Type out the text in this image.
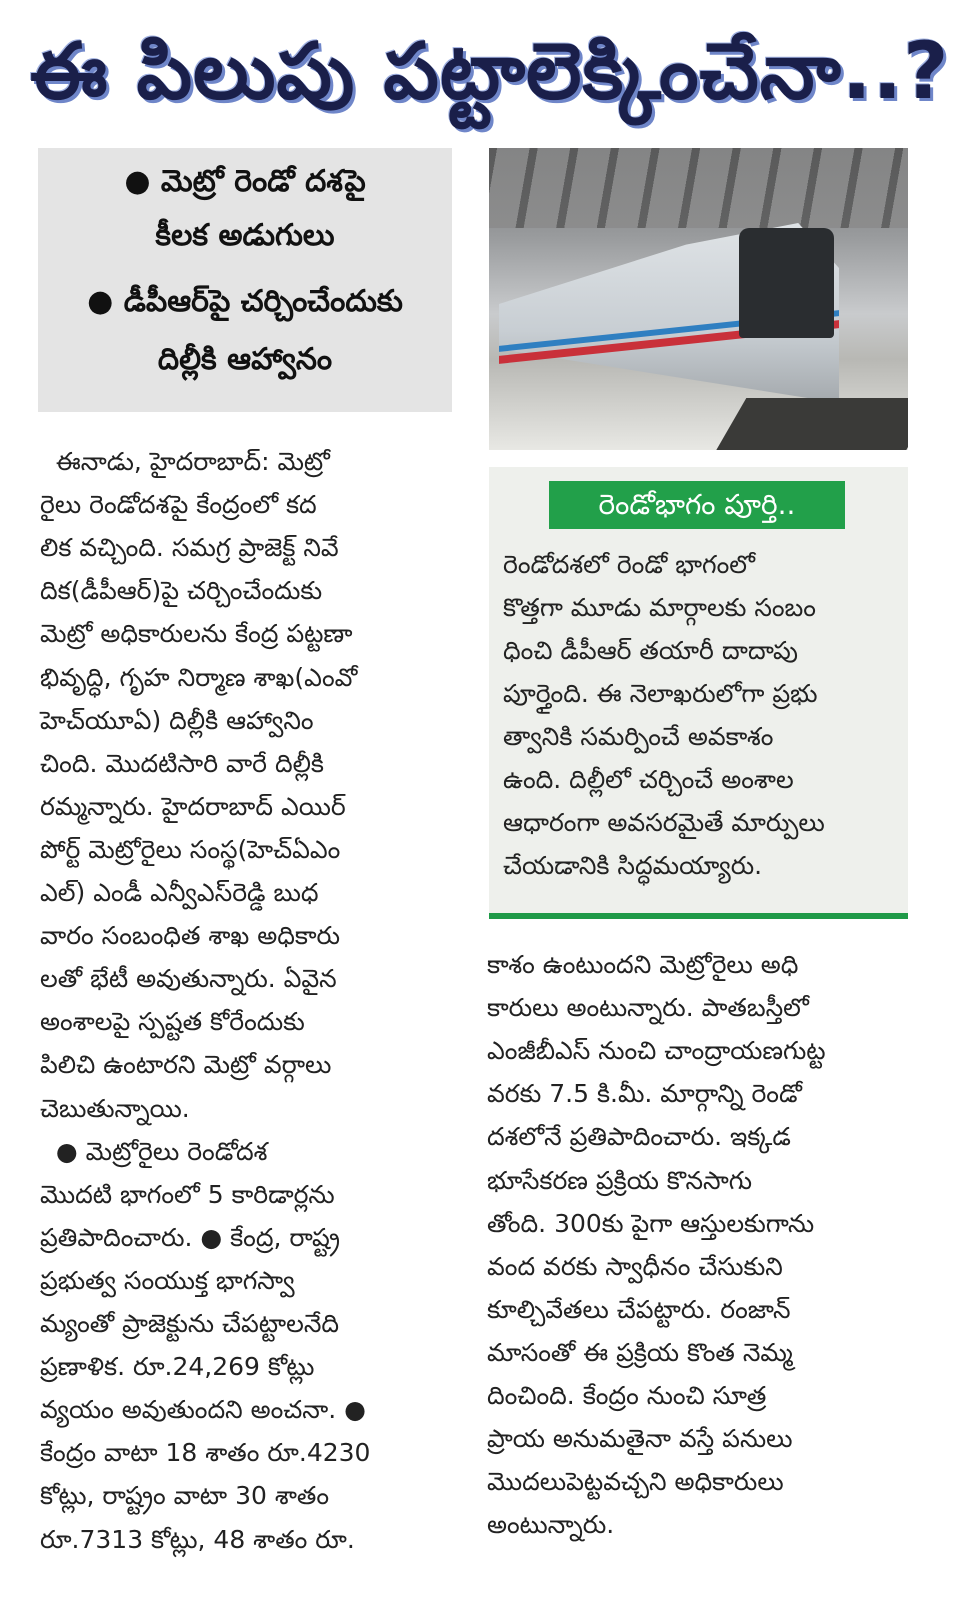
ఈ పిలుపు పట్టాలెక్కించేనా..?
● మెట్రో రెండో దశపై
కీలక అడుగులు
● డీపీఆర్‌పై చర్చించేందుకు
దిల్లీకి ఆహ్వానం
రెండోభాగం పూర్తి..
రెండోదశలో రెండో భాగంలో
కొత్తగా మూడు మార్గాలకు సంబం
ధించి డీపీఆర్ తయారీ దాదాపు
పూర్తైంది. ఈ నెలాఖరులోగా ప్రభు
త్వానికి సమర్పించే అవకాశం
ఉంది. దిల్లీలో చర్చించే అంశాల
ఆధారంగా అవసరమైతే మార్పులు
చేయడానికి సిద్ధమయ్యారు.
ఈనాడు, హైదరాబాద్: మెట్రో
రైలు రెండోదశపై కేంద్రంలో కద
లిక వచ్చింది. సమగ్ర ప్రాజెక్ట్ నివే
దిక(డీపీఆర్)పై చర్చించేందుకు
మెట్రో అధికారులను కేంద్ర పట్టణా
భివృద్ధి, గృహ నిర్మాణ శాఖ(ఎంవో
హెచ్‌యూఏ) దిల్లీకి ఆహ్వానిం
చింది. మొదటిసారి వారే దిల్లీకి
రమ్మన్నారు. హైదరాబాద్ ఎయిర్
పోర్ట్ మెట్రోరైలు సంస్థ(హెచ్ఏఎం
ఎల్) ఎండీ ఎన్వీఎస్‌రెడ్డి బుధ
వారం సంబంధిత శాఖ అధికారు
లతో భేటీ అవుతున్నారు. ఏవైన
అంశాలపై స్పష్టత కోరేందుకు
పిలిచి ఉంటారని మెట్రో వర్గాలు
చెబుతున్నాయి.
● మెట్రోరైలు రెండోదశ
మొదటి భాగంలో 5 కారిడార్లను
ప్రతిపాదించారు. ● కేంద్ర, రాష్ట్ర
ప్రభుత్వ సంయుక్త భాగస్వా
మ్యంతో ప్రాజెక్టును చేపట్టాలనేది
ప్రణాళిక. రూ.24,269 కోట్లు
వ్యయం అవుతుందని అంచనా. ●
కేంద్రం వాటా 18 శాతం రూ.4230
కోట్లు, రాష్ట్రం వాటా 30 శాతం
రూ.7313 కోట్లు, 48 శాతం రూ.
కాశం ఉంటుందని మెట్రోరైలు అధి
కారులు అంటున్నారు. పాతబస్తీలో
ఎంజీబీఎస్ నుంచి చాంద్రాయణగుట్ట
వరకు 7.5 కి.మీ. మార్గాన్ని రెండో
దశలోనే ప్రతిపాదించారు. ఇక్కడ
భూసేకరణ ప్రక్రియ కొనసాగు
తోంది. 300కు పైగా ఆస్తులకుగాను
వంద వరకు స్వాధీనం చేసుకుని
కూల్చివేతలు చేపట్టారు. రంజాన్
మాసంతో ఈ ప్రక్రియ కొంత నెమ్మ
దించింది. కేంద్రం నుంచి సూత్ర
ప్రాయ అనుమతైనా వస్తే పనులు
మొదలుపెట్టవచ్చని అధికారులు
అంటున్నారు.
